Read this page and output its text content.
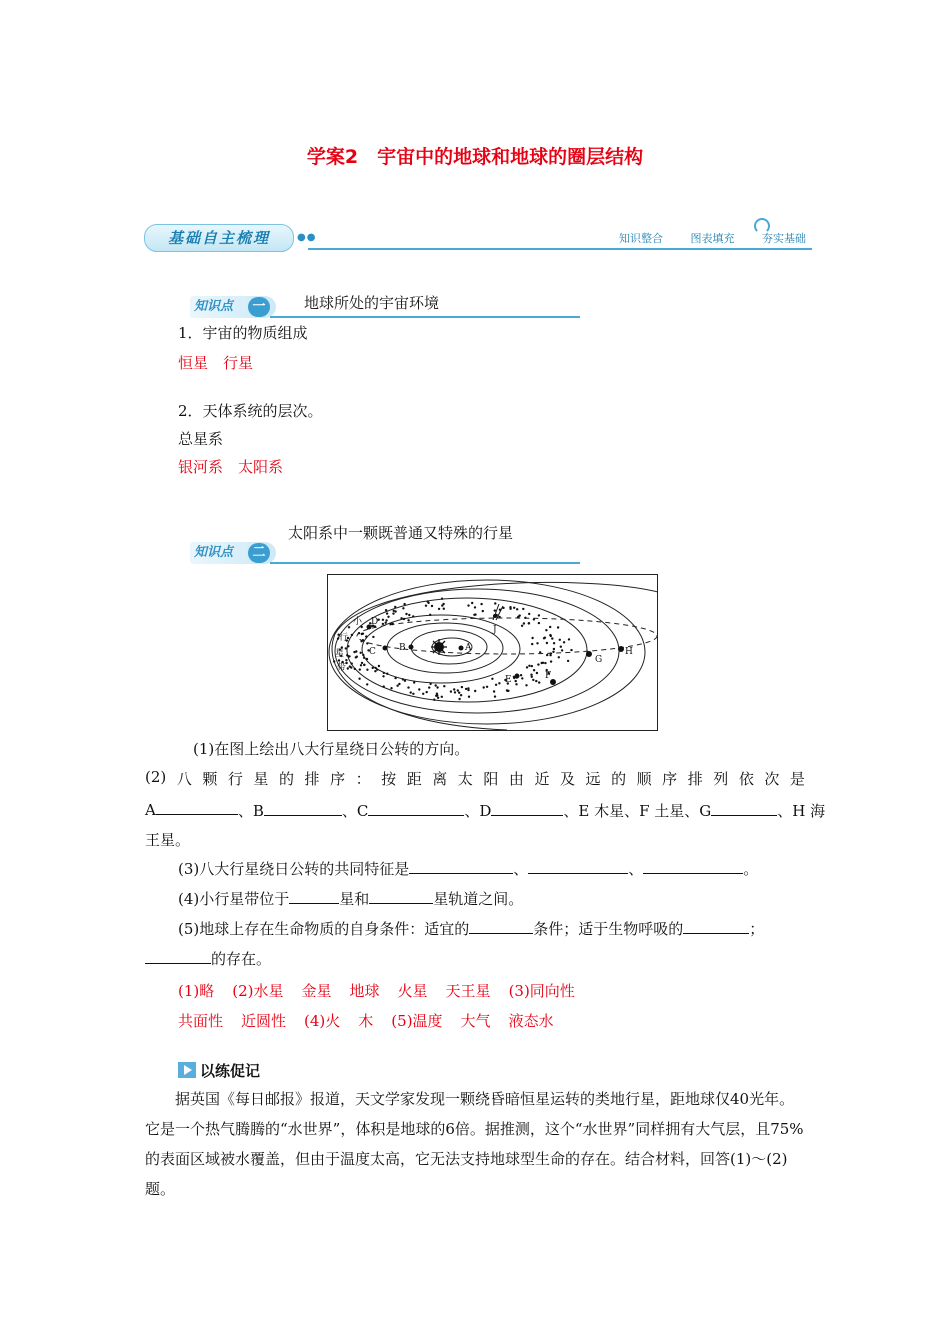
学案2　宇宙中的地球和地球的圈层结构
基础自主梳理	●●	知识整合	图表填充	夯实基础
知识点	一	地球所处的宇宙环境
1．宇宙的物质组成
恒星　 行星
2．天体系统的层次。
总星系
银河系　 太阳系
知识点	二
太阳系中一颗既普通又特殊的行星
A
B
C
D
E	F
G
H
J
小
行
星
带
(1)在图上绘出八大行星绕日公转的方向。
(2) 八 颗 行 星 的 排 序 ： 按 距 离 太 阳 由 近 及 远 的 顺 序 排 列 依 次 是
A	、B	、C	、D	、E 木星、F 土星、G	、H 海
王星。
(3)八大行星绕日公转的共同特征是	、	、	。
(4)小行星带位于	星和	星轨道之间。
(5)地球上存在生命物质的自身条件：适宜的	条件；适于生物呼吸的	；
的存在。
(1)略 (2)水星 金星 地球 火星 天王星 (3)同向性
共面性 近圆性 (4)火 木 (5)温度 大气 液态水
以练促记
据英国《每日邮报》报道，天文学家发现一颗绕昏暗恒星运转的类地行星，距地球仅40光年。它是一个热气腾腾的“水世界”，体积是地球的6倍。据推测，这个“水世界”同样拥有大气层，且75%的表面区域被水覆盖，但由于温度太高，它无法支持地球型生命的存在。结合材料，回答(1)～(2)题。
